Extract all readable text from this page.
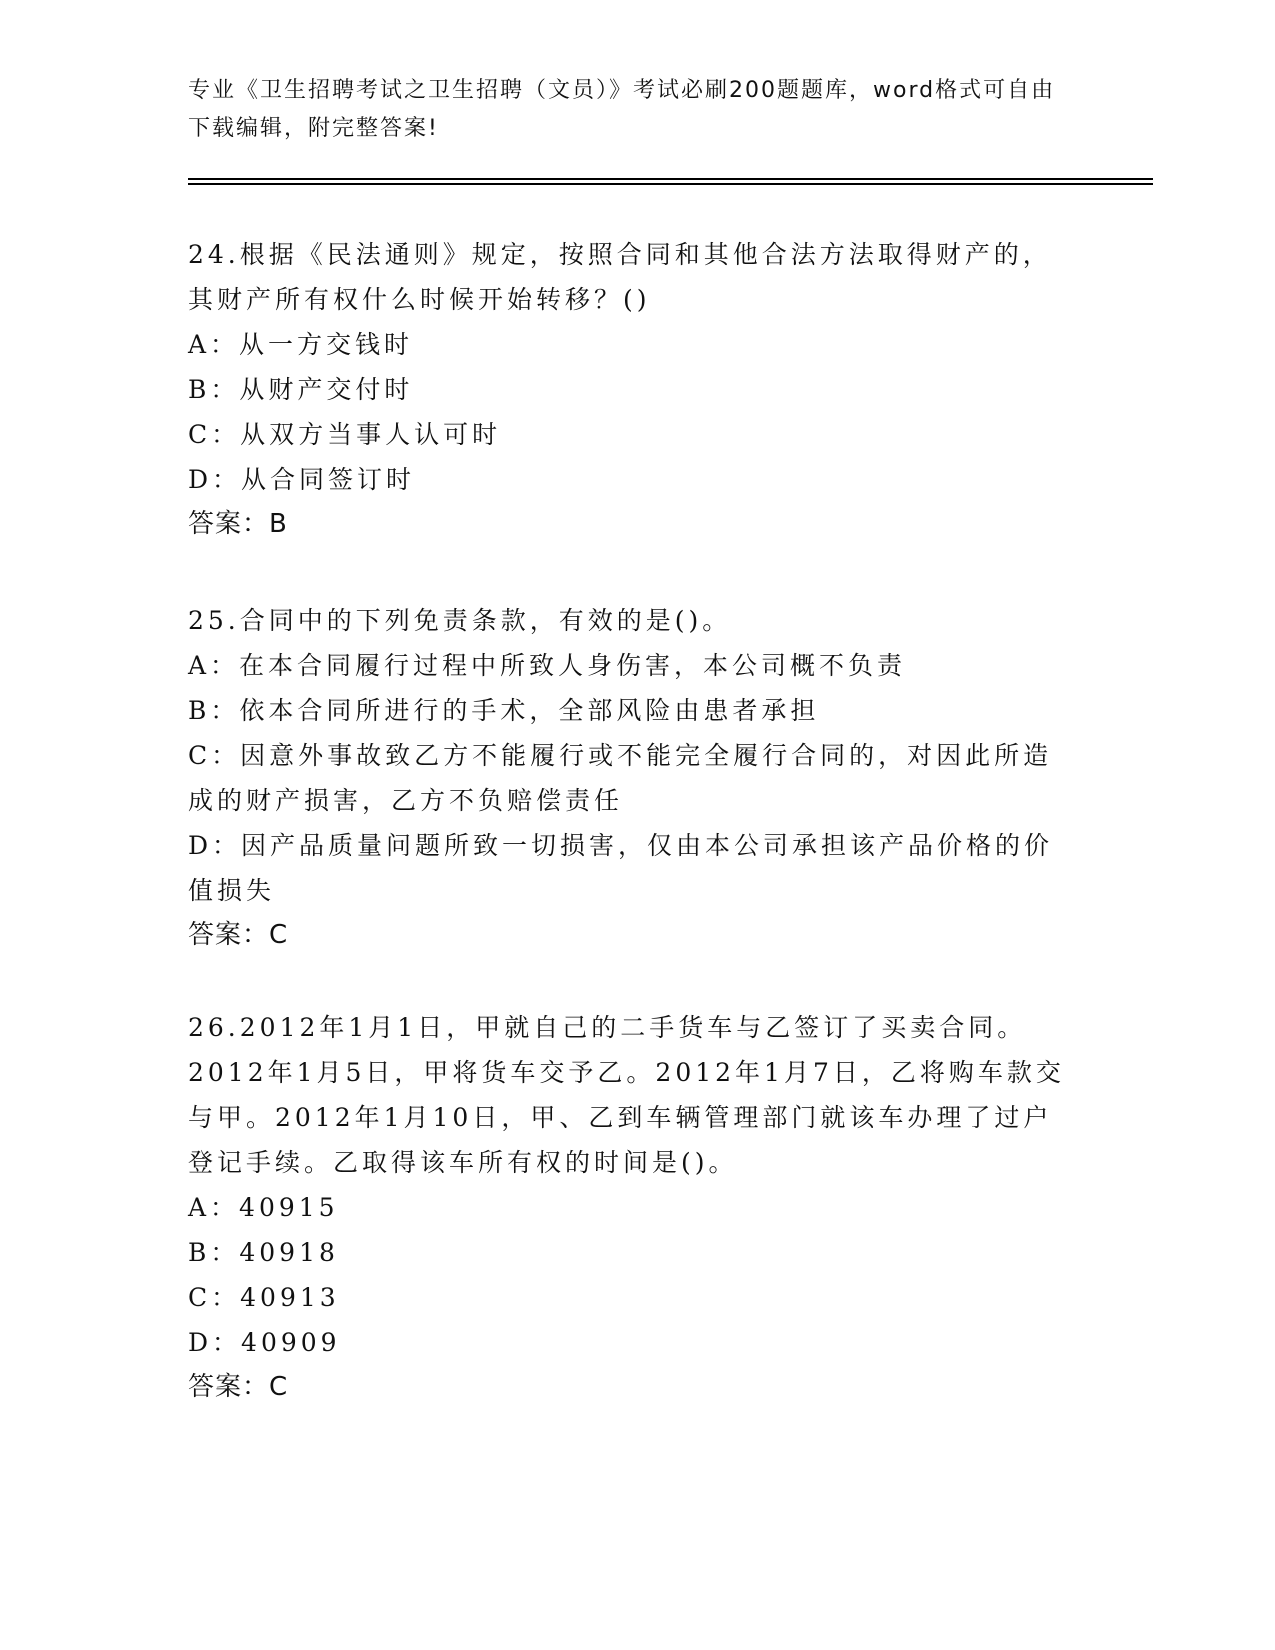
专业《卫生招聘考试之卫生招聘（文员）》考试必刷200题题库，word格式可自由下载编辑，附完整答案!
24.根据《民法通则》规定，按照合同和其他合法方法取得财产的，其财产所有权什么时候开始转移？()
A：从一方交钱时
B：从财产交付时
C：从双方当事人认可时
D：从合同签订时
答案：B
25.合同中的下列免责条款，有效的是()。
A：在本合同履行过程中所致人身伤害，本公司概不负责
B：依本合同所进行的手术，全部风险由患者承担
C：因意外事故致乙方不能履行或不能完全履行合同的，对因此所造成的财产损害，乙方不负赔偿责任
D：因产品质量问题所致一切损害，仅由本公司承担该产品价格的价值损失
答案：C
26.2012年1月1日，甲就自己的二手货车与乙签订了买卖合同。2012年1月5日，甲将货车交予乙。2012年1月7日，乙将购车款交与甲。2012年1月10日，甲、乙到车辆管理部门就该车办理了过户登记手续。乙取得该车所有权的时间是()。
A：40915
B：40918
C：40913
D：40909
答案：C
